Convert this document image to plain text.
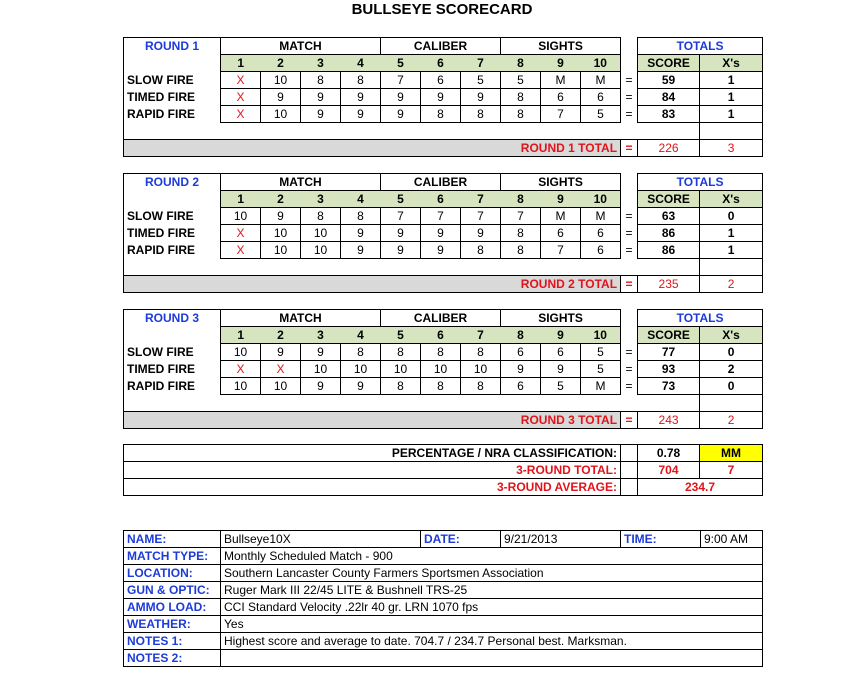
BULLSEYE SCORECARD
ROUND 1	MATCH				CALIBER			SIGHTS				TOTALS	
	1	2	3	4	5	6	7	8	9	10		SCORE	X's
SLOW FIRE	X	10	8	8	7	6	5	5	M	M	=	59	1
TIMED FIRE	X	9	9	9	9	9	9	8	6	6	=	84	1
RAPID FIRE	X	10	9	9	9	8	8	8	7	5	=	83	1

ROUND 1 TOTAL											=	226	3
ROUND 2	MATCH				CALIBER			SIGHTS				TOTALS	
	1	2	3	4	5	6	7	8	9	10		SCORE	X's
SLOW FIRE	10	9	8	8	7	7	7	7	M	M	=	63	0
TIMED FIRE	X	10	10	9	9	9	9	8	6	6	=	86	1
RAPID FIRE	X	10	10	9	9	9	8	8	7	6	=	86	1

ROUND 2 TOTAL											=	235	2
ROUND 3	MATCH				CALIBER			SIGHTS				TOTALS	
	1	2	3	4	5	6	7	8	9	10		SCORE	X's
SLOW FIRE	10	9	9	8	8	8	8	6	6	5	=	77	0
TIMED FIRE	X	X	10	10	10	10	10	9	9	5	=	93	2
RAPID FIRE	10	10	9	9	8	8	8	6	5	M	=	73	0

ROUND 3 TOTAL											=	243	2
PERCENTAGE / NRA CLASSIFICATION:		0.78	MM
3-ROUND TOTAL:		704	7
3-ROUND AVERAGE:		234.7	
NAME:	Bullseye10X	DATE:	9/21/2013	TIME:	9:00 AM
MATCH TYPE:	Monthly Scheduled Match - 900				
LOCATION:	Southern Lancaster County Farmers Sportsmen Association				
GUN & OPTIC:	Ruger Mark III 22/45 LITE & Bushnell TRS-25				
AMMO LOAD:	CCI Standard Velocity .22lr 40 gr. LRN 1070 fps				
WEATHER:	Yes				
NOTES 1:	Highest score and average to date. 704.7 / 234.7 Personal best. Marksman.				
NOTES 2:					
